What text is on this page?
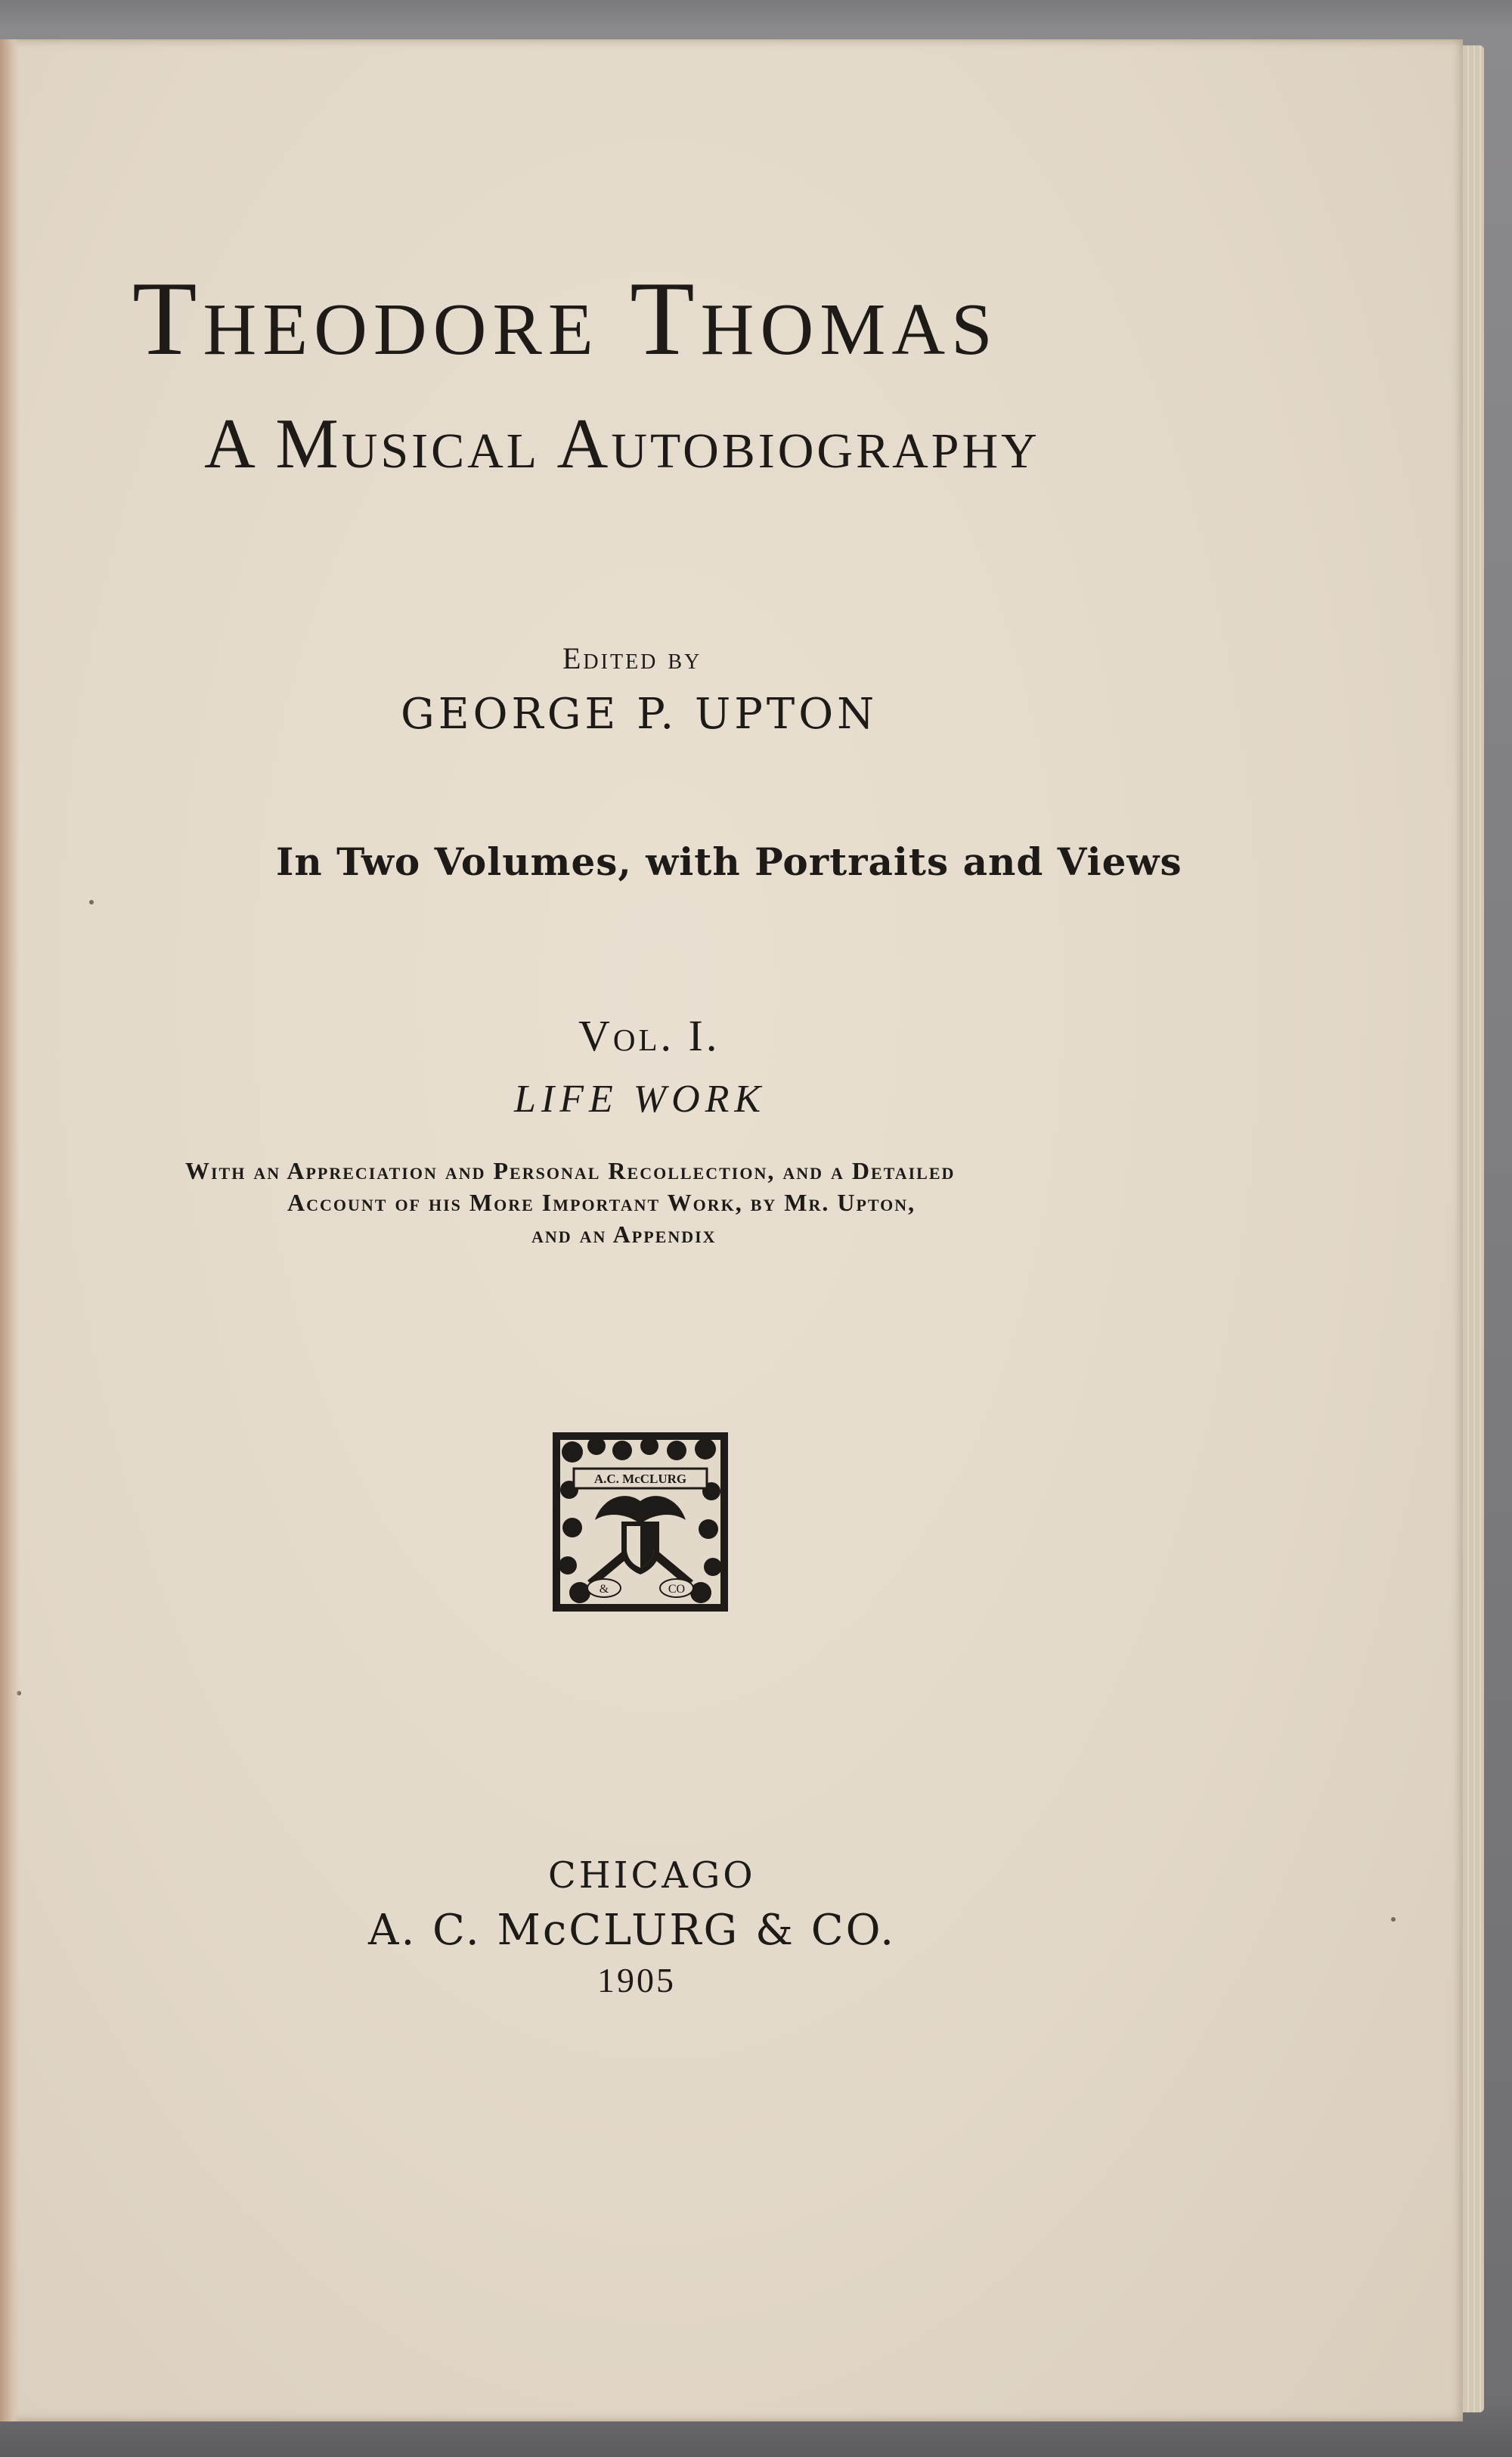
Theodore Thomas
A Musical Autobiography
Edited by
GEORGE P. UPTON
In Two Volumes, with Portraits and Views
Vol. I.
LIFE WORK
With an Appreciation and Personal Recollection, and a Detailed
Account of his More Important Work, by Mr. Upton,
and an Appendix
A.C. McCLURG
&	CO
CHICAGO
A. C. McCLURG & CO.
1905
